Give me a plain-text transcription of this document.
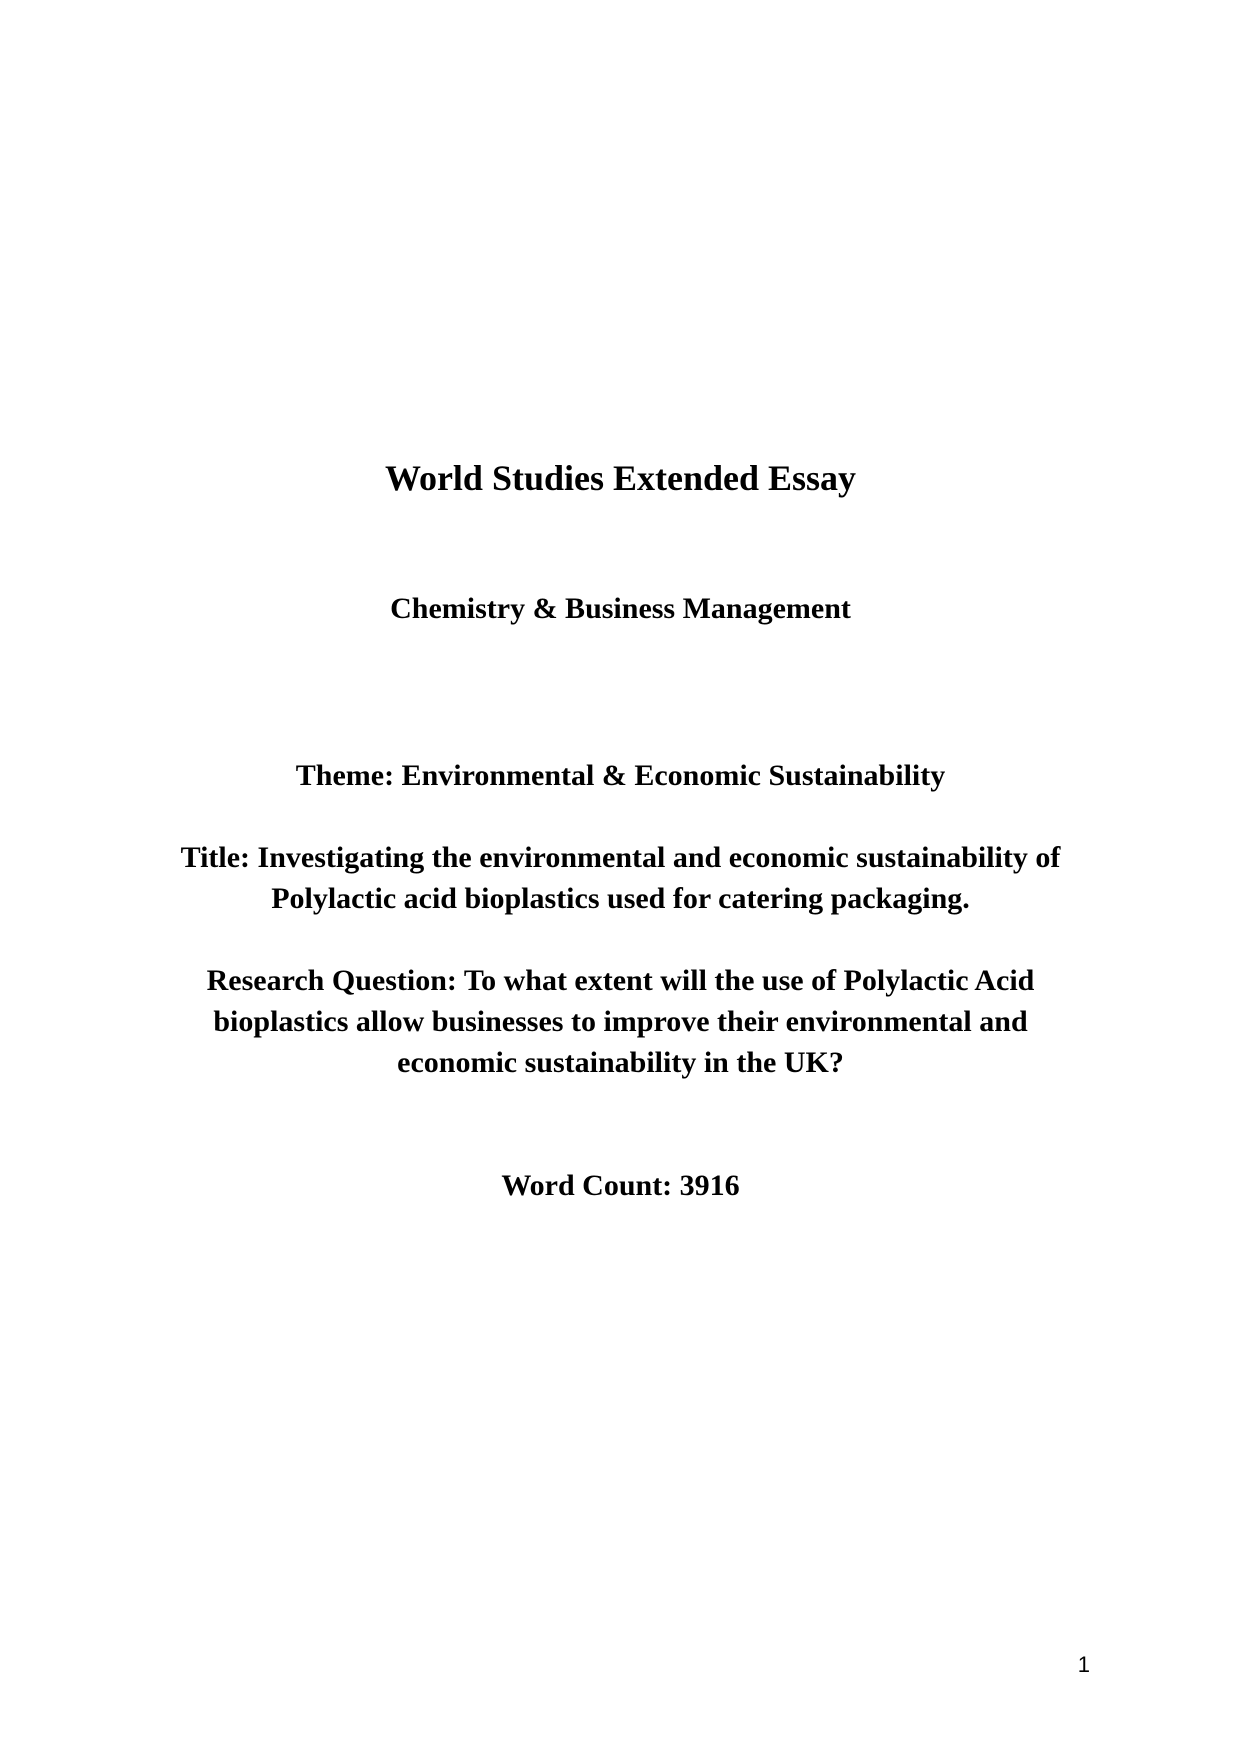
World Studies Extended Essay
Chemistry & Business Management
Theme: Environmental & Economic Sustainability
Title: Investigating the environmental and economic sustainability of
Polylactic acid bioplastics used for catering packaging.
Research Question: To what extent will the use of Polylactic Acid
bioplastics allow businesses to improve their environmental and
economic sustainability in the UK?
Word Count: 3916
1
